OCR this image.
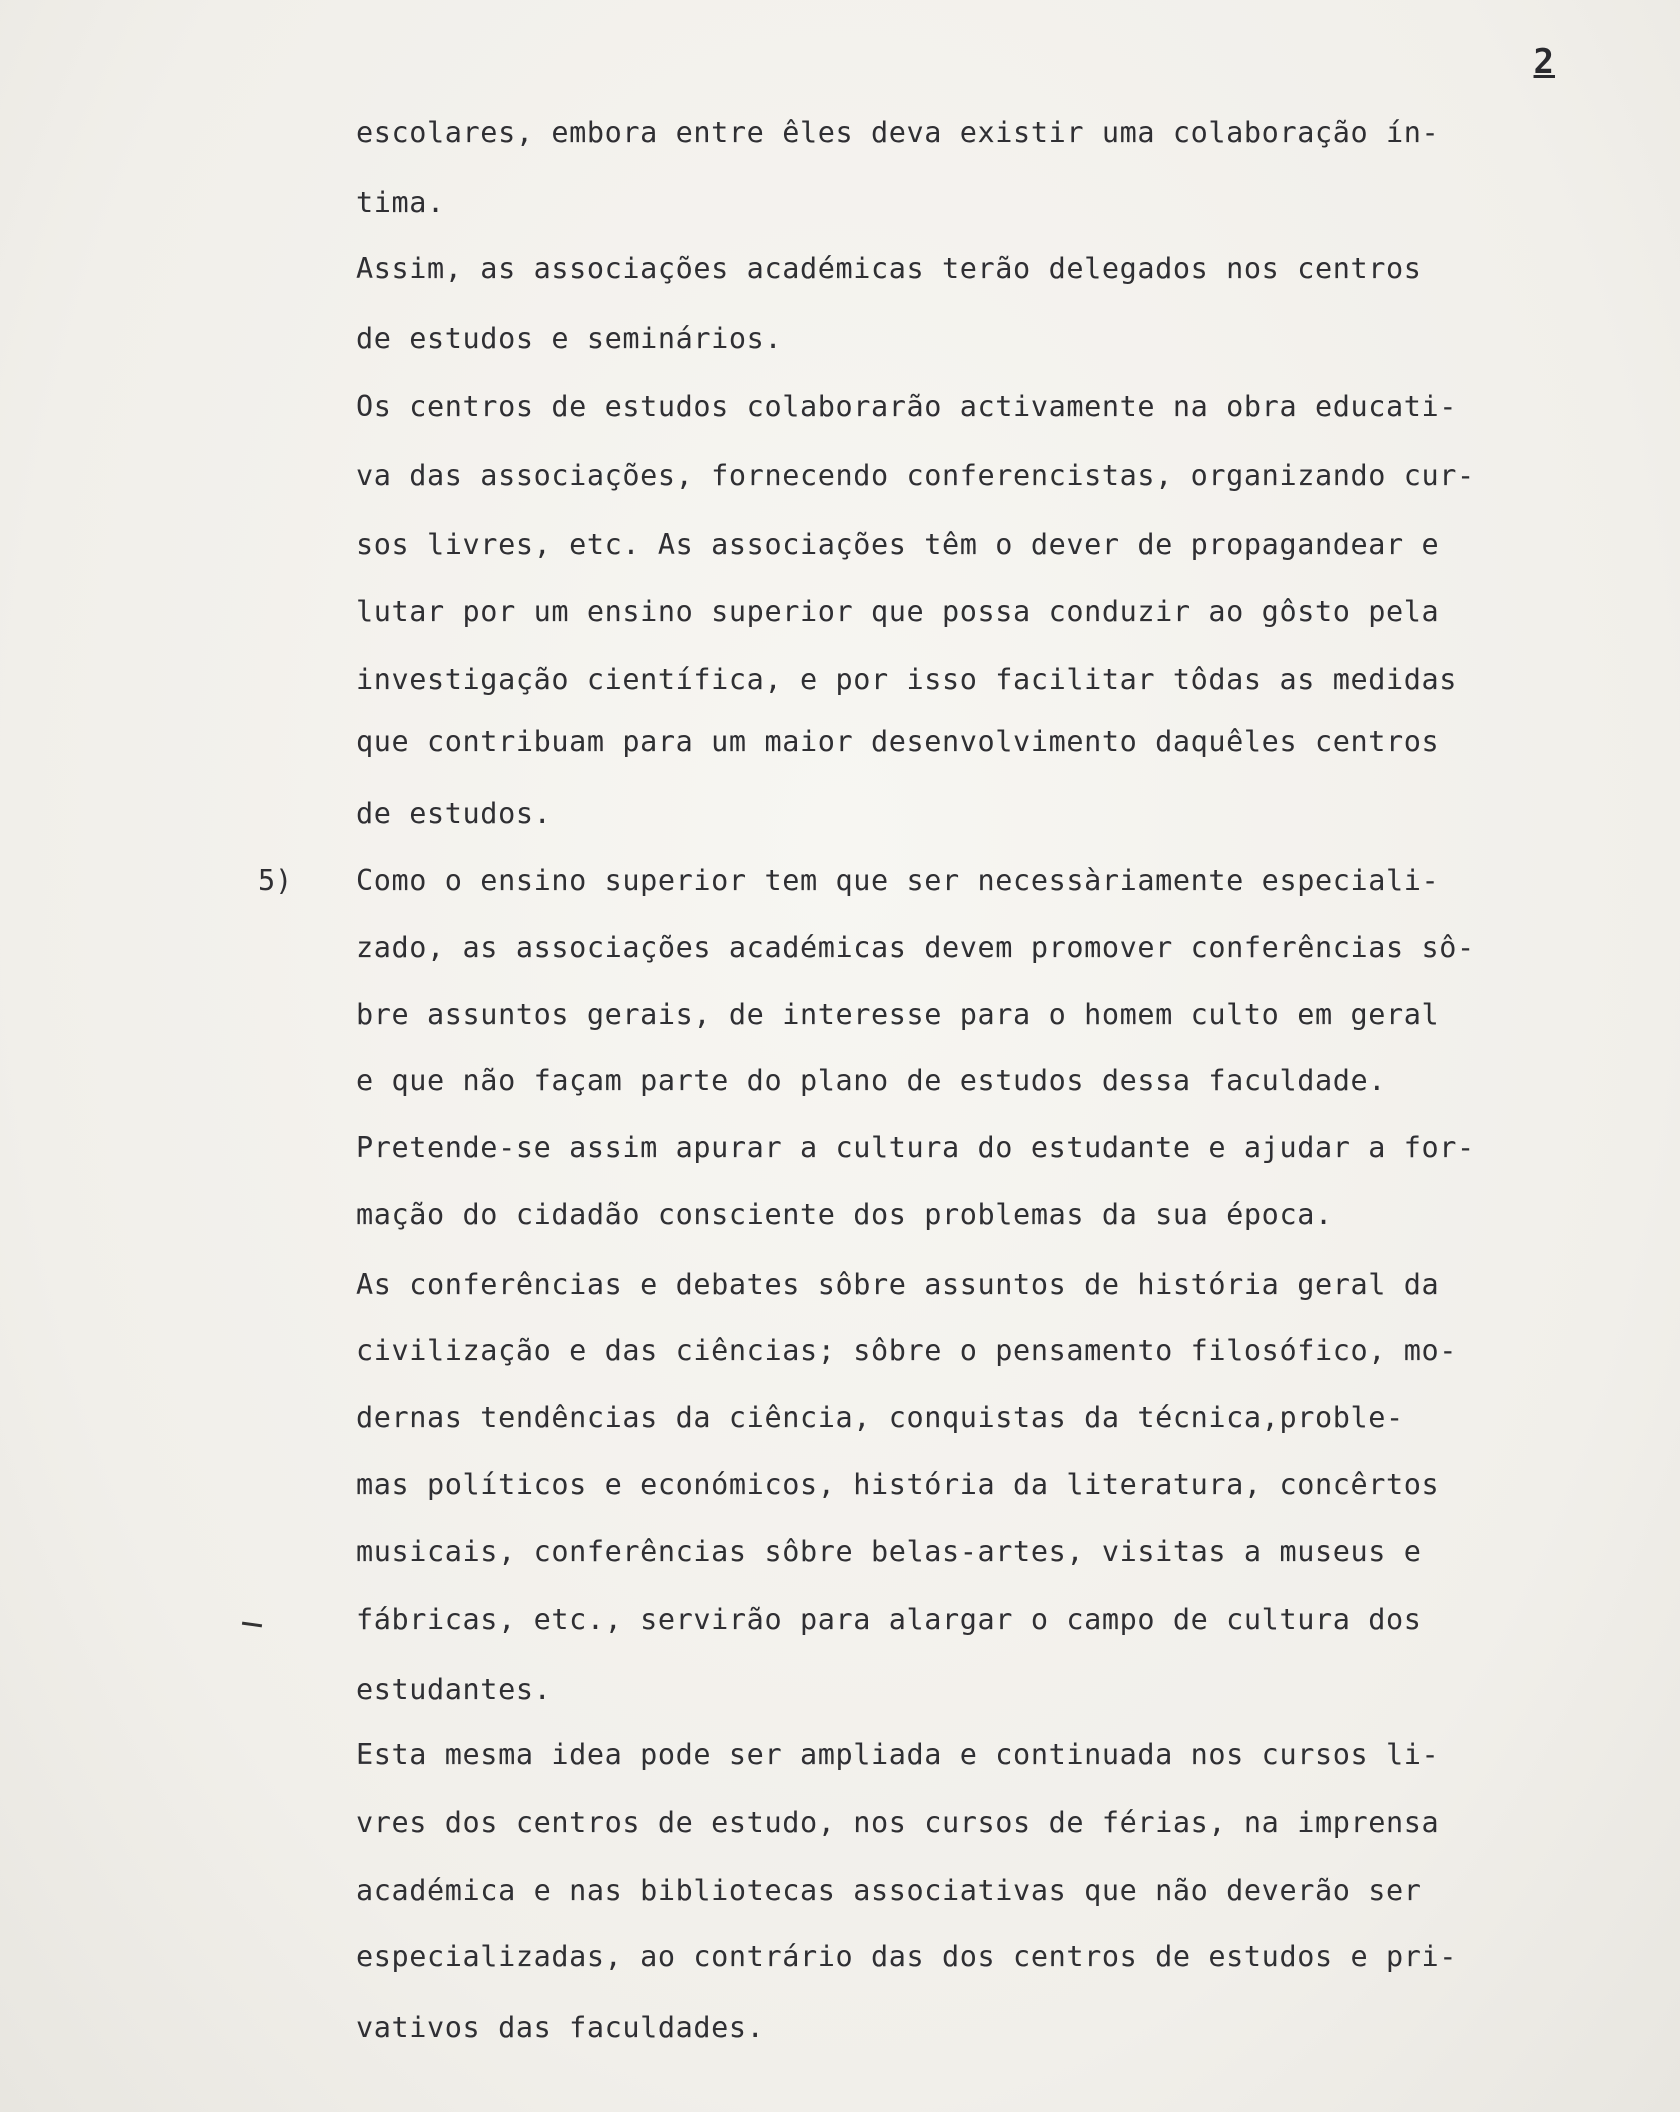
2
escolares, embora entre êles deva existir uma colaboração ín-
tima.
Assim, as associações académicas terão delegados nos centros
de estudos e seminários.
Os centros de estudos colaborarão activamente na obra educati-
va das associações, fornecendo conferencistas, organizando cur-
sos livres, etc. As associações têm o dever de propagandear e
lutar por um ensino superior que possa conduzir ao gôsto pela
investigação científica, e por isso facilitar tôdas as medidas
que contribuam para um maior desenvolvimento daquêles centros
de estudos.
5) Como o ensino superior tem que ser necessàriamente especiali-
zado, as associações académicas devem promover conferências sô-
bre assuntos gerais, de interesse para o homem culto em geral
e que não façam parte do plano de estudos dessa faculdade.
Pretende-se assim apurar a cultura do estudante e ajudar a for-
mação do cidadão consciente dos problemas da sua época.
As conferências e debates sôbre assuntos de história geral da
civilização e das ciências; sôbre o pensamento filosófico, mo-
dernas tendências da ciência, conquistas da técnica,proble-
mas políticos e económicos, história da literatura, concêrtos
musicais, conferências sôbre belas-artes, visitas a museus e
fábricas, etc., servirão para alargar o campo de cultura dos
estudantes.
Esta mesma idea pode ser ampliada e continuada nos cursos li-
vres dos centros de estudo, nos cursos de férias, na imprensa
académica e nas bibliotecas associativas que não deverão ser
especializadas, ao contrário das dos centros de estudos e pri-
vativos das faculdades.
